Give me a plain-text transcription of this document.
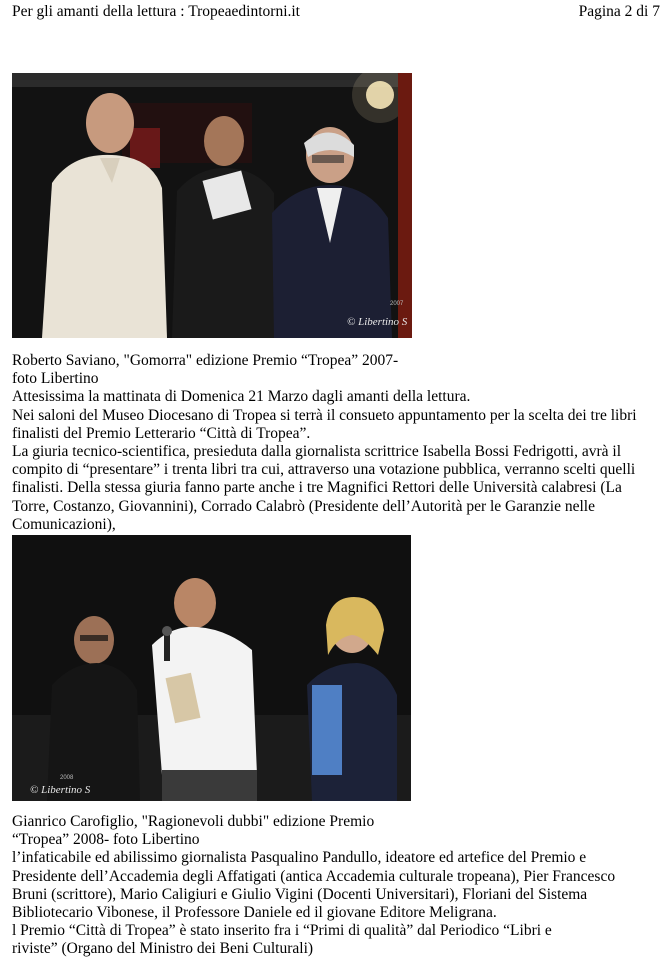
Per gli amanti della lettura : Tropeaedintorni.it	Pagina 2 di 7
© Libertino S
2007

Roberto Saviano, "Gomorra" edizione Premio “Tropea” 2007-

foto Libertino

Attesissima la mattinata di Domenica 21 Marzo dagli amanti della lettura.

Nei saloni del Museo Diocesano di Tropea si terrà il consueto appuntamento per la scelta dei tre libri

finalisti del Premio Letterario “Città di Tropea”.

La giuria tecnico-scientifica, presieduta dalla giornalista scrittrice Isabella Bossi Fedrigotti, avrà il

compito di “presentare” i trenta libri tra cui, attraverso una votazione pubblica, verranno scelti quelli

finalisti. Della stessa giuria fanno parte anche i tre Magnifici Rettori delle Università calabresi (La

Torre, Costanzo, Giovannini), Corrado Calabrò (Presidente dell’Autorità per le Garanzie nelle

Comunicazioni),

© Libertino S
2008

Gianrico Carofiglio, "Ragionevoli dubbi" edizione Premio

“Tropea” 2008- foto Libertino

l’infaticabile ed abilissimo giornalista Pasqualino Pandullo, ideatore ed artefice del Premio e

Presidente dell’Accademia degli Affatigati (antica Accademia culturale tropeana), Pier Francesco

Bruni (scrittore), Mario Caligiuri e Giulio Vigini (Docenti Universitari), Floriani del Sistema

Bibliotecario Vibonese, il Professore Daniele ed il giovane Editore Meligrana.

l Premio “Città di Tropea” è stato inserito fra i “Primi di qualità” dal Periodico “Libri e

riviste” (Organo del Ministro dei Beni Culturali)
